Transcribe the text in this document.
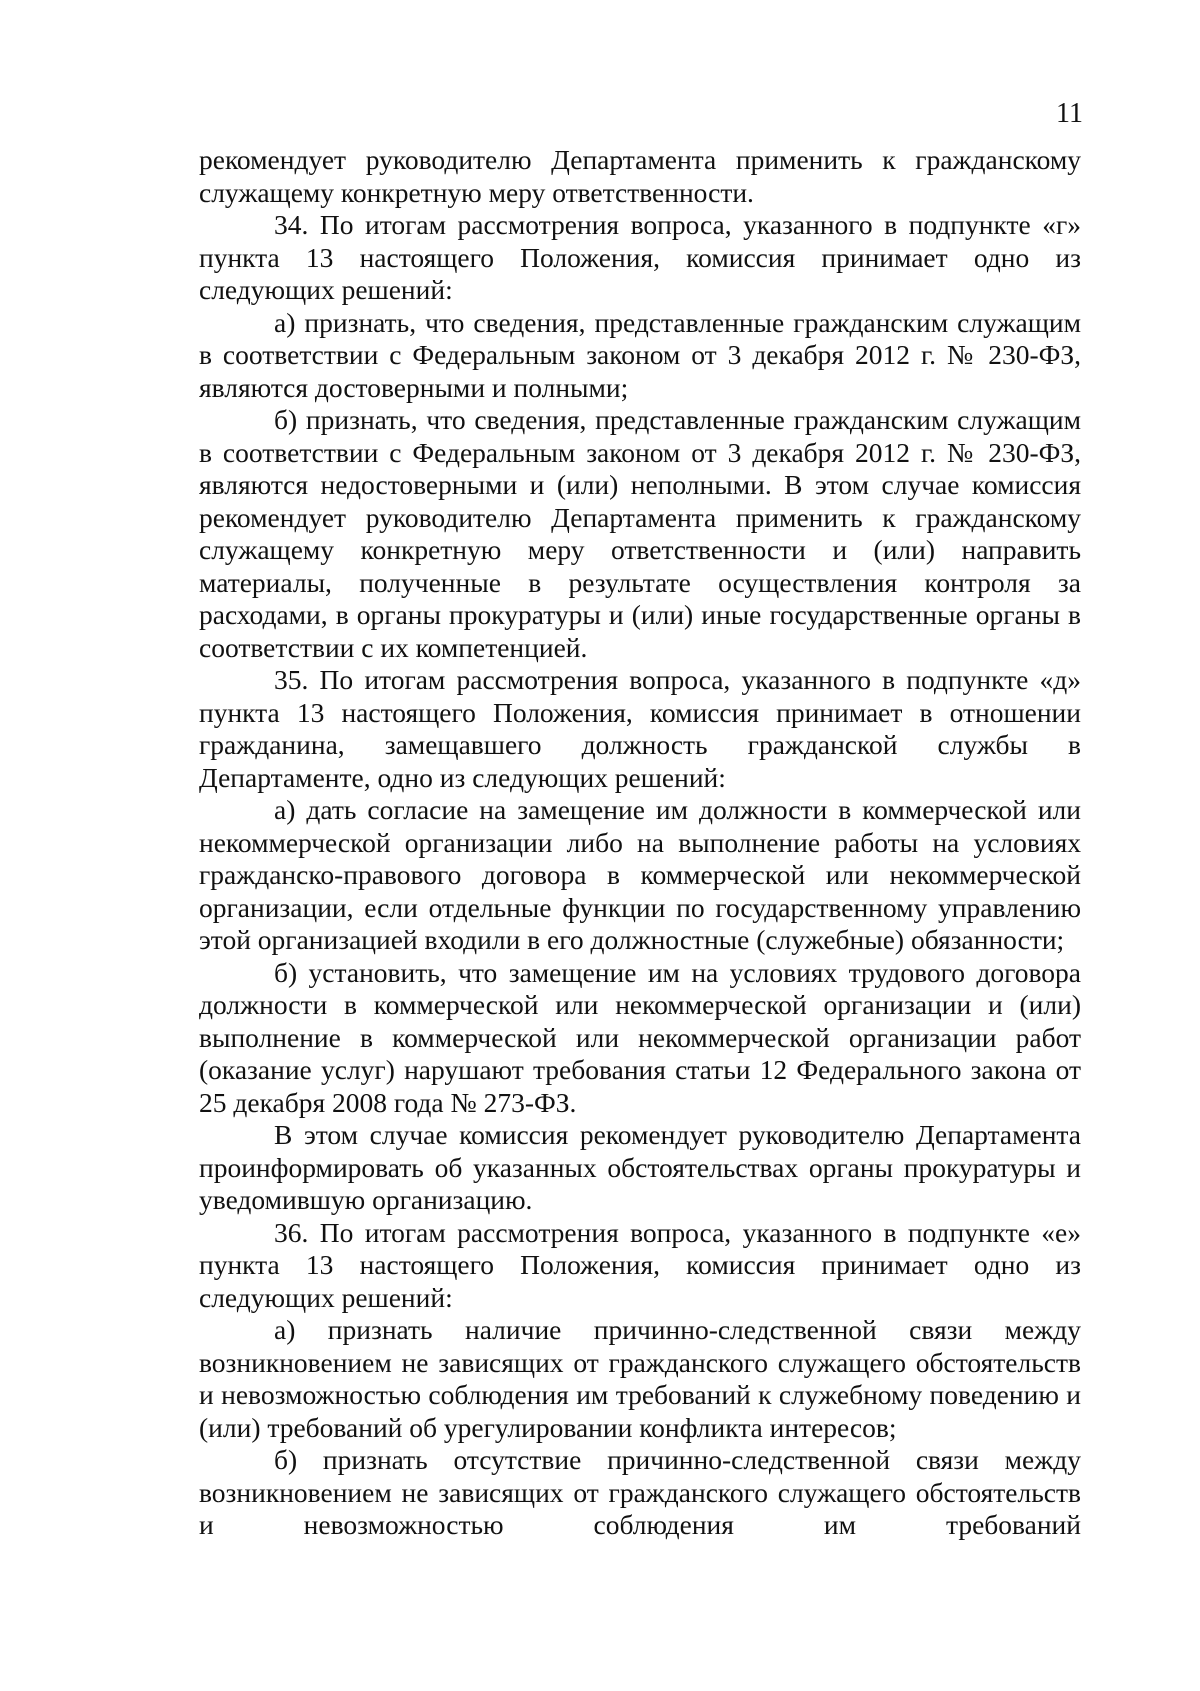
11

рекомендует руководителю Департамента применить к гражданскому служащему конкретную меру ответственности.

34. По итогам рассмотрения вопроса, указанного в подпункте «г» пункта 13 настоящего Положения, комиссия принимает одно из следующих решений:

а) признать, что сведения, представленные гражданским служащим в соответствии с Федеральным законом от 3 декабря 2012 г. № 230-ФЗ, являются достоверными и полными;

б) признать, что сведения, представленные гражданским служащим в соответствии с Федеральным законом от 3 декабря 2012 г. № 230-ФЗ, являются недостоверными и (или) неполными. В этом случае комиссия рекомендует руководителю Департамента применить к гражданскому служащему конкретную меру ответственности и (или) направить материалы, полученные в результате осуществления контроля за расходами, в органы прокуратуры и (или) иные государственные органы в соответствии с их компетенцией.

35. По итогам рассмотрения вопроса, указанного в подпункте «д» пункта 13 настоящего Положения, комиссия принимает в отношении гражданина, замещавшего должность гражданской службы в Департаменте, одно из следующих решений:

а) дать согласие на замещение им должности в коммерческой или некоммерческой организации либо на выполнение работы на условиях гражданско-правового договора в коммерческой или некоммерческой организации, если отдельные функции по государственному управлению этой организацией входили в его должностные (служебные) обязанности;

б) установить, что замещение им на условиях трудового договора должности в коммерческой или некоммерческой организации и (или) выполнение в коммерческой или некоммерческой организации работ (оказание услуг) нарушают требования статьи 12 Федерального закона от 25 декабря 2008 года № 273-ФЗ.

В этом случае комиссия рекомендует руководителю Департамента проинформировать об указанных обстоятельствах органы прокуратуры и уведомившую организацию.

36. По итогам рассмотрения вопроса, указанного в подпункте «е» пункта 13 настоящего Положения, комиссия принимает одно из следующих решений:

а) признать наличие причинно-следственной связи между возникновением не зависящих от гражданского служащего обстоятельств и невозможностью соблюдения им требований к служебному поведению и (или) требований об урегулировании конфликта интересов;

б) признать отсутствие причинно-следственной связи между возникновением не зависящих от гражданского служащего обстоятельств и невозможностью соблюдения им требований
